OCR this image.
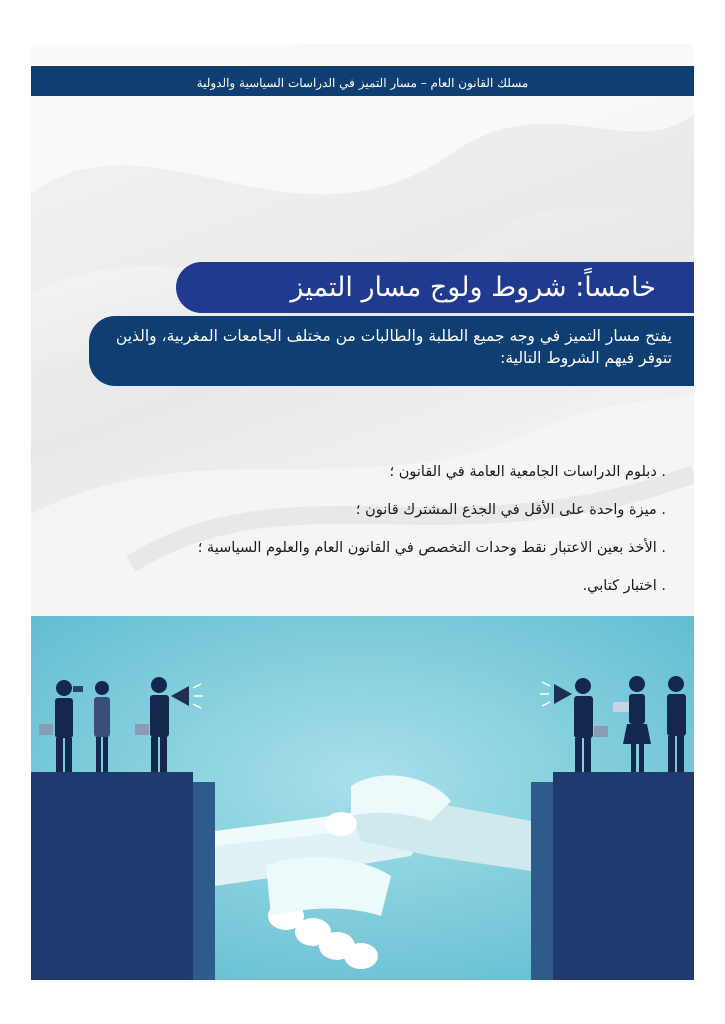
مسلك القانون العام – مسار التميز في الدراسات السياسية والدولية
خامساً: شروط ولوج مسار التميز
يفتح مسار التميز في وجه جميع الطلبة والطالبات من مختلف الجامعات المغربية، والذين تتوفر فيهم الشروط التالية:
. دبلوم الدراسات الجامعية العامة في القانون ؛
. ميزة واحدة على الأقل في الجذع المشترك قانون ؛
. الأخذ بعين الاعتبار نقط وحدات التخصص في القانون العام والعلوم السياسية ؛
. اختبار كتابي.
